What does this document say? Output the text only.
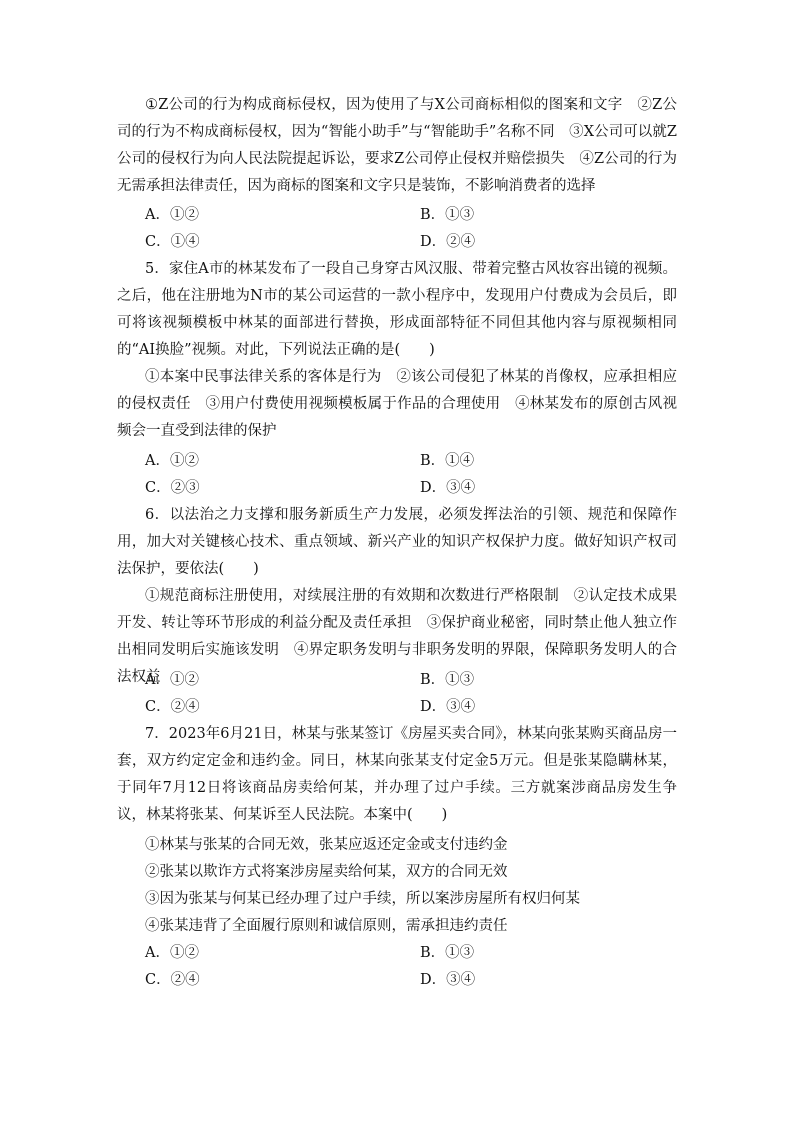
①Z公司的行为构成商标侵权，因为使用了与X公司商标相似的图案和文字　②Z公司的行为不构成商标侵权，因为“智能小助手”与“智能助手”名称不同　③X公司可以就Z公司的侵权行为向人民法院提起诉讼，要求Z公司停止侵权并赔偿损失　④Z公司的行为无需承担法律责任，因为商标的图案和文字只是装饰，不影响消费者的选择
A．①②	B．①③
C．①④	D．②④
5．家住A市的林某发布了一段自己身穿古风汉服、带着完整古风妆容出镜的视频。之后，他在注册地为N市的某公司运营的一款小程序中，发现用户付费成为会员后，即可将该视频模板中林某的面部进行替换，形成面部特征不同但其他内容与原视频相同的“AI换脸”视频。对此，下列说法正确的是(　　)
①本案中民事法律关系的客体是行为　②该公司侵犯了林某的肖像权，应承担相应的侵权责任　③用户付费使用视频模板属于作品的合理使用　④林某发布的原创古风视频会一直受到法律的保护
A．①②	B．①④
C．②③	D．③④
6．以法治之力支撑和服务新质生产力发展，必须发挥法治的引领、规范和保障作用，加大对关键核心技术、重点领域、新兴产业的知识产权保护力度。做好知识产权司法保护，要依法(　　)
①规范商标注册使用，对续展注册的有效期和次数进行严格限制　②认定技术成果开发、转让等环节形成的利益分配及责任承担　③保护商业秘密，同时禁止他人独立作出相同发明后实施该发明　④界定职务发明与非职务发明的界限，保障职务发明人的合法权益
A．①②	B．①③
C．②④	D．③④
7．2023年6月21日，林某与张某签订《房屋买卖合同》，林某向张某购买商品房一套，双方约定定金和违约金。同日，林某向张某支付定金5万元。但是张某隐瞒林某，于同年7月12日将该商品房卖给何某，并办理了过户手续。三方就案涉商品房发生争议，林某将张某、何某诉至人民法院。本案中(　　)
①林某与张某的合同无效，张某应返还定金或支付违约金
②张某以欺诈方式将案涉房屋卖给何某，双方的合同无效
③因为张某与何某已经办理了过户手续，所以案涉房屋所有权归何某
④张某违背了全面履行原则和诚信原则，需承担违约责任
A．①②	B．①③
C．②④	D．③④
